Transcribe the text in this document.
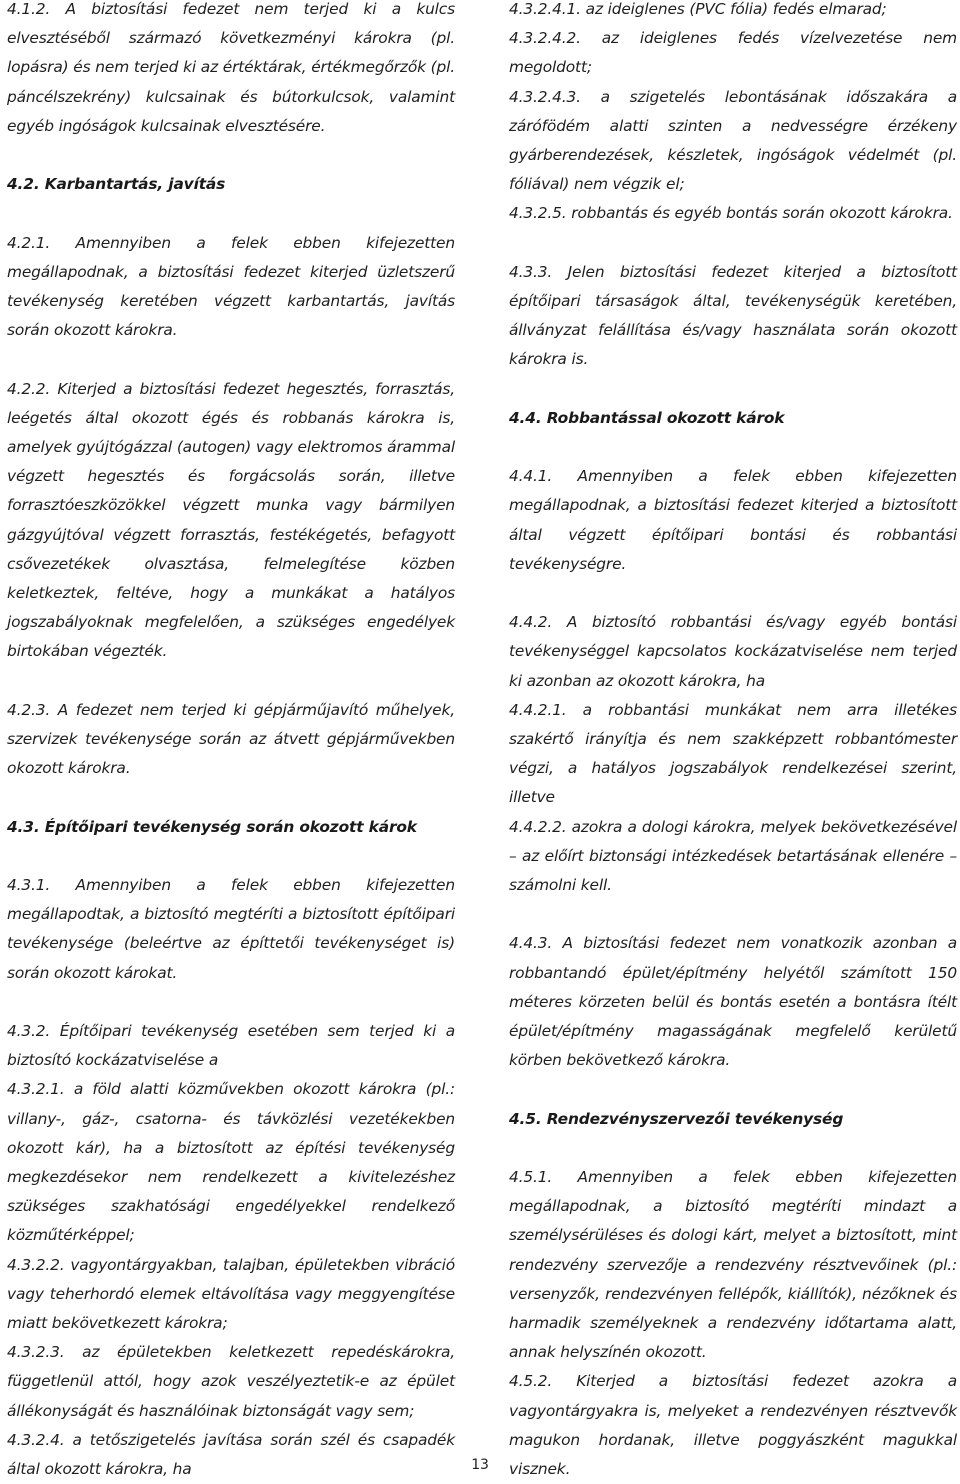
4.1.2. A biztosítási fedezet nem terjed ki a kulcs elvesztéséből származó következményi károkra (pl. lopásra) és nem terjed ki az értéktárak, értékmegőrzők (pl. páncélszekrény) kulcsainak és bútorkulcsok, valamint egyéb ingóságok kulcsainak elvesztésére.

4.2. Karbantartás, javítás

4.2.1. Amennyiben a felek ebben kifejezetten megállapodnak, a biztosítási fedezet kiterjed üzletszerű tevékenység keretében végzett karbantartás, javítás során okozott károkra.

4.2.2. Kiterjed a biztosítási fedezet hegesztés, forrasztás, leégetés által okozott égés és robbanás károkra is, amelyek gyújtógázzal (autogen) vagy elektromos árammal végzett hegesztés és forgácsolás során, illetve forrasztóeszközökkel végzett munka vagy bármilyen gázgyújtóval végzett forrasztás, festékégetés, befagyott csővezetékek olvasztása, felmelegítése közben keletkeztek, feltéve, hogy a munkákat a hatályos jogszabályoknak megfelelően, a szükséges engedélyek birtokában végezték.

4.2.3. A fedezet nem terjed ki gépjárműjavító műhelyek, szervizek tevékenysége során az átvett gépjárművekben okozott károkra.

4.3. Építőipari tevékenység során okozott károk

4.3.1. Amennyiben a felek ebben kifejezetten megállapodtak, a biztosító megtéríti a biztosított építőipari tevékenysége (beleértve az építtetői tevékenységet is) során okozott károkat.

4.3.2. Építőipari tevékenység esetében sem terjed ki a biztosító kockázatviselése a

4.3.2.1. a föld alatti közművekben okozott károkra (pl.: villany-, gáz-, csatorna- és távközlési vezetékekben okozott kár), ha a biztosított az építési tevékenység megkezdésekor nem rendelkezett a kivitelezéshez szükséges szakhatósági engedélyekkel rendelkező közműtérképpel;

4.3.2.2. vagyontárgyakban, talajban, épületekben vibráció vagy teherhordó elemek eltávolítása vagy meggyengítése miatt bekövetkezett károkra;

4.3.2.3. az épületekben keletkezett repedéskárokra, függetlenül attól, hogy azok veszélyeztetik-e az épület állékonyságát és használóinak biztonságát vagy sem;

4.3.2.4. a tetőszigetelés javítása során szél és csapadék által okozott károkra, ha

4.3.2.4.1. az ideiglenes (PVC fólia) fedés elmarad;

4.3.2.4.2. az ideiglenes fedés vízelvezetése nem megoldott;

4.3.2.4.3. a szigetelés lebontásának időszakára a zárófödém alatti szinten a nedvességre érzékeny gyárberendezések, készletek, ingóságok védelmét (pl. fóliával) nem végzik el;

4.3.2.5. robbantás és egyéb bontás során okozott károkra.

4.3.3. Jelen biztosítási fedezet kiterjed a biztosított építőipari társaságok által, tevékenységük keretében, állványzat felállítása és/vagy használata során okozott károkra is.

4.4. Robbantással okozott károk

4.4.1. Amennyiben a felek ebben kifejezetten megállapodnak, a biztosítási fedezet kiterjed a biztosított által végzett építőipari bontási és robbantási tevékenységre.

4.4.2. A biztosító robbantási és/vagy egyéb bontási tevékenységgel kapcsolatos kockázatviselése nem terjed ki azonban az okozott károkra, ha

4.4.2.1. a robbantási munkákat nem arra illetékes szakértő irányítja és nem szakképzett robbantómester végzi, a hatályos jogszabályok rendelkezései szerint, illetve

4.4.2.2. azokra a dologi károkra, melyek bekövetkezésével – az előírt biztonsági intézkedések betartásának ellenére – számolni kell.

4.4.3. A biztosítási fedezet nem vonatkozik azonban a robbantandó épület/építmény helyétől számított 150 méteres körzeten belül és bontás esetén a bontásra ítélt épület/építmény magasságának megfelelő kerületű körben bekövetkező károkra.

4.5. Rendezvényszervezői tevékenység

4.5.1. Amennyiben a felek ebben kifejezetten megállapodnak, a biztosító megtéríti mindazt a személysérüléses és dologi kárt, melyet a biztosított, mint rendezvény szervezője a rendezvény résztvevőinek (pl.: versenyzők, rendezvényen fellépők, kiállítók), nézőknek és harmadik személyeknek a rendezvény időtartama alatt, annak helyszínén okozott.

4.5.2. Kiterjed a biztosítási fedezet azokra a vagyontárgyakra is, melyeket a rendezvényen résztvevők magukon hordanak, illetve poggyászként magukkal visznek.

13
